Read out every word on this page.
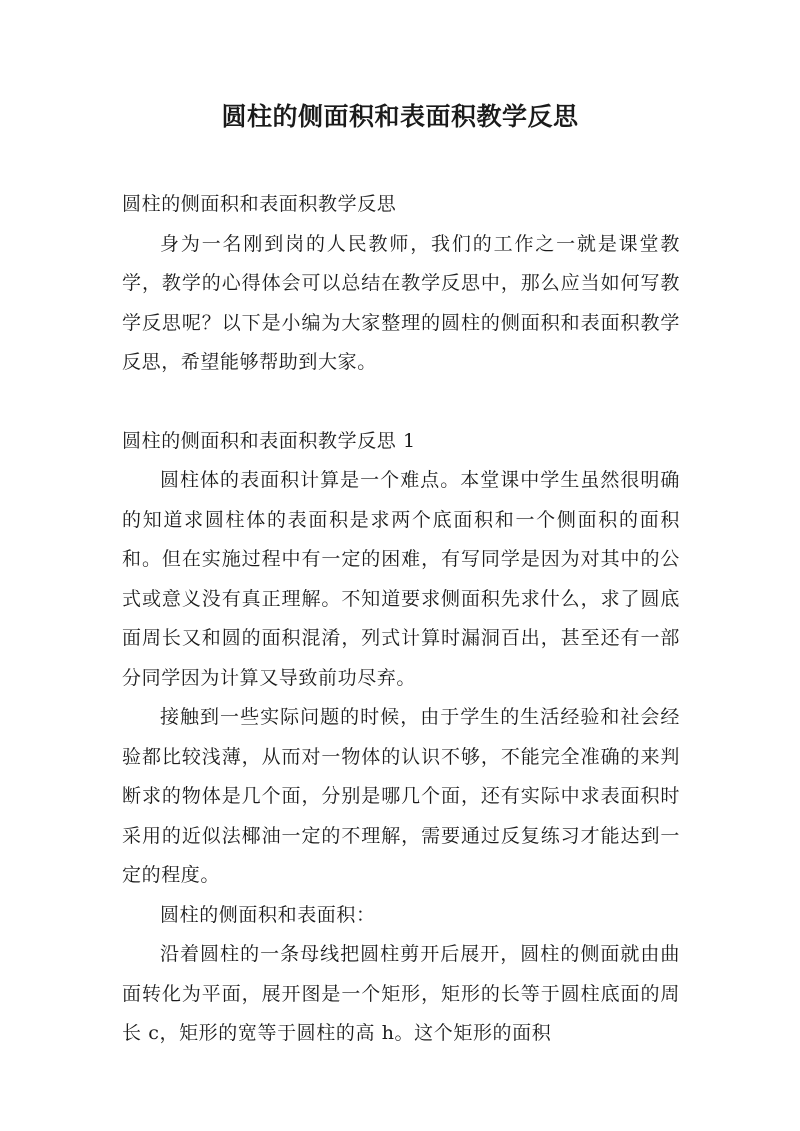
圆柱的侧面积和表面积教学反思

圆柱的侧面积和表面积教学反思

身为一名刚到岗的人民教师，我们的工作之一就是课堂教学，教学的心得体会可以总结在教学反思中，那么应当如何写教学反思呢？以下是小编为大家整理的圆柱的侧面积和表面积教学反思，希望能够帮助到大家。

圆柱的侧面积和表面积教学反思 1

圆柱体的表面积计算是一个难点。本堂课中学生虽然很明确的知道求圆柱体的表面积是求两个底面积和一个侧面积的面积和。但在实施过程中有一定的困难，有写同学是因为对其中的公式或意义没有真正理解。不知道要求侧面积先求什么，求了圆底面周长又和圆的面积混淆，列式计算时漏洞百出，甚至还有一部分同学因为计算又导致前功尽弃。

接触到一些实际问题的时候，由于学生的生活经验和社会经验都比较浅薄，从而对一物体的认识不够，不能完全准确的来判断求的物体是几个面，分别是哪几个面，还有实际中求表面积时采用的近似法椰油一定的不理解，需要通过反复练习才能达到一定的程度。

圆柱的侧面积和表面积：

沿着圆柱的一条母线把圆柱剪开后展开，圆柱的侧面就由曲面转化为平面，展开图是一个矩形，矩形的长等于圆柱底面的周长 c，矩形的宽等于圆柱的高 h。这个矩形的面积
